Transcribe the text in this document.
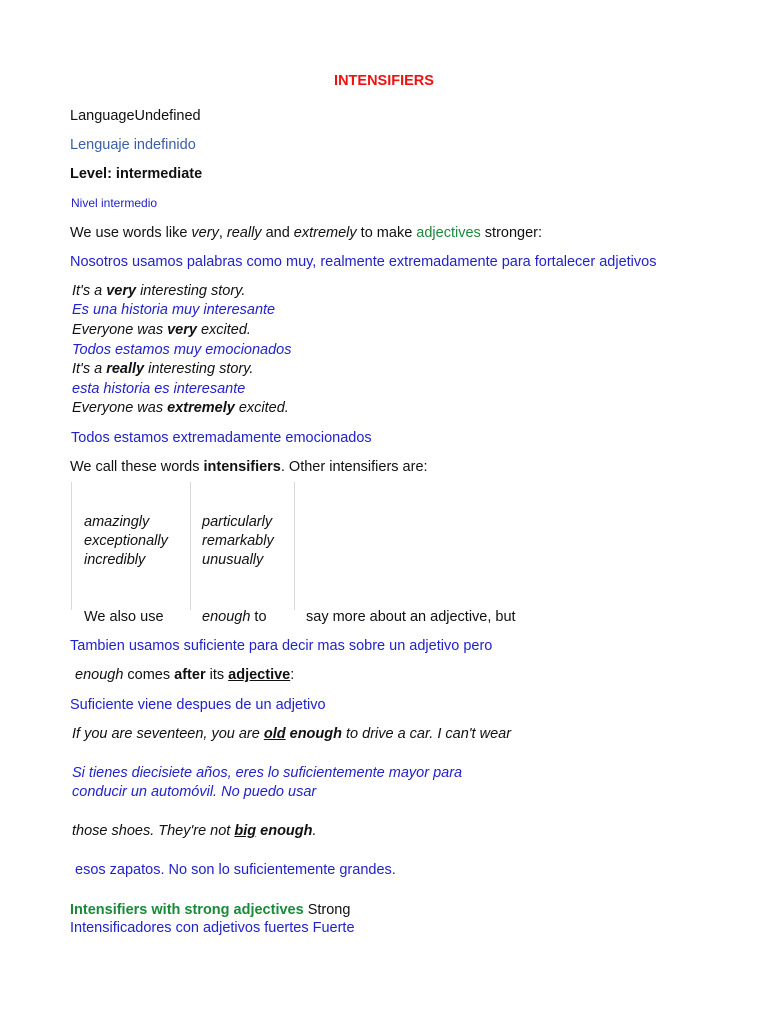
INTENSIFIERS
LanguageUndefined
Lenguaje indefinido
Level: intermediate
Nivel intermedio
We use words like very, really and extremely to make adjectives stronger:
Nosotros usamos palabras como muy, realmente extremadamente para fortalecer adjetivos
It's a very interesting story.
Es una historia muy interesante
Everyone was very excited.
Todos estamos muy emocionados
It's a really interesting story.
esta historia es interesante
Everyone was extremely excited.
Todos estamos extremadamente emocionados
We call these words intensifiers. Other intensifiers are:
amazingly
exceptionally
incredibly
particularly
remarkably
unusually
We also use	enough to	say more about an adjective, but
Tambien usamos suficiente para decir mas sobre un adjetivo pero
enough comes after its adjective:
Suficiente viene despues de un adjetivo
If you are seventeen, you are old enough to drive a car. I can't wear
Si tienes diecisiete años, eres lo suficientemente mayor para
conducir un automóvil. No puedo usar
those shoes. They're not big enough.
esos zapatos. No son lo suficientemente grandes.
Intensifiers with strong adjectives Strong
Intensificadores con adjetivos fuertes Fuerte
